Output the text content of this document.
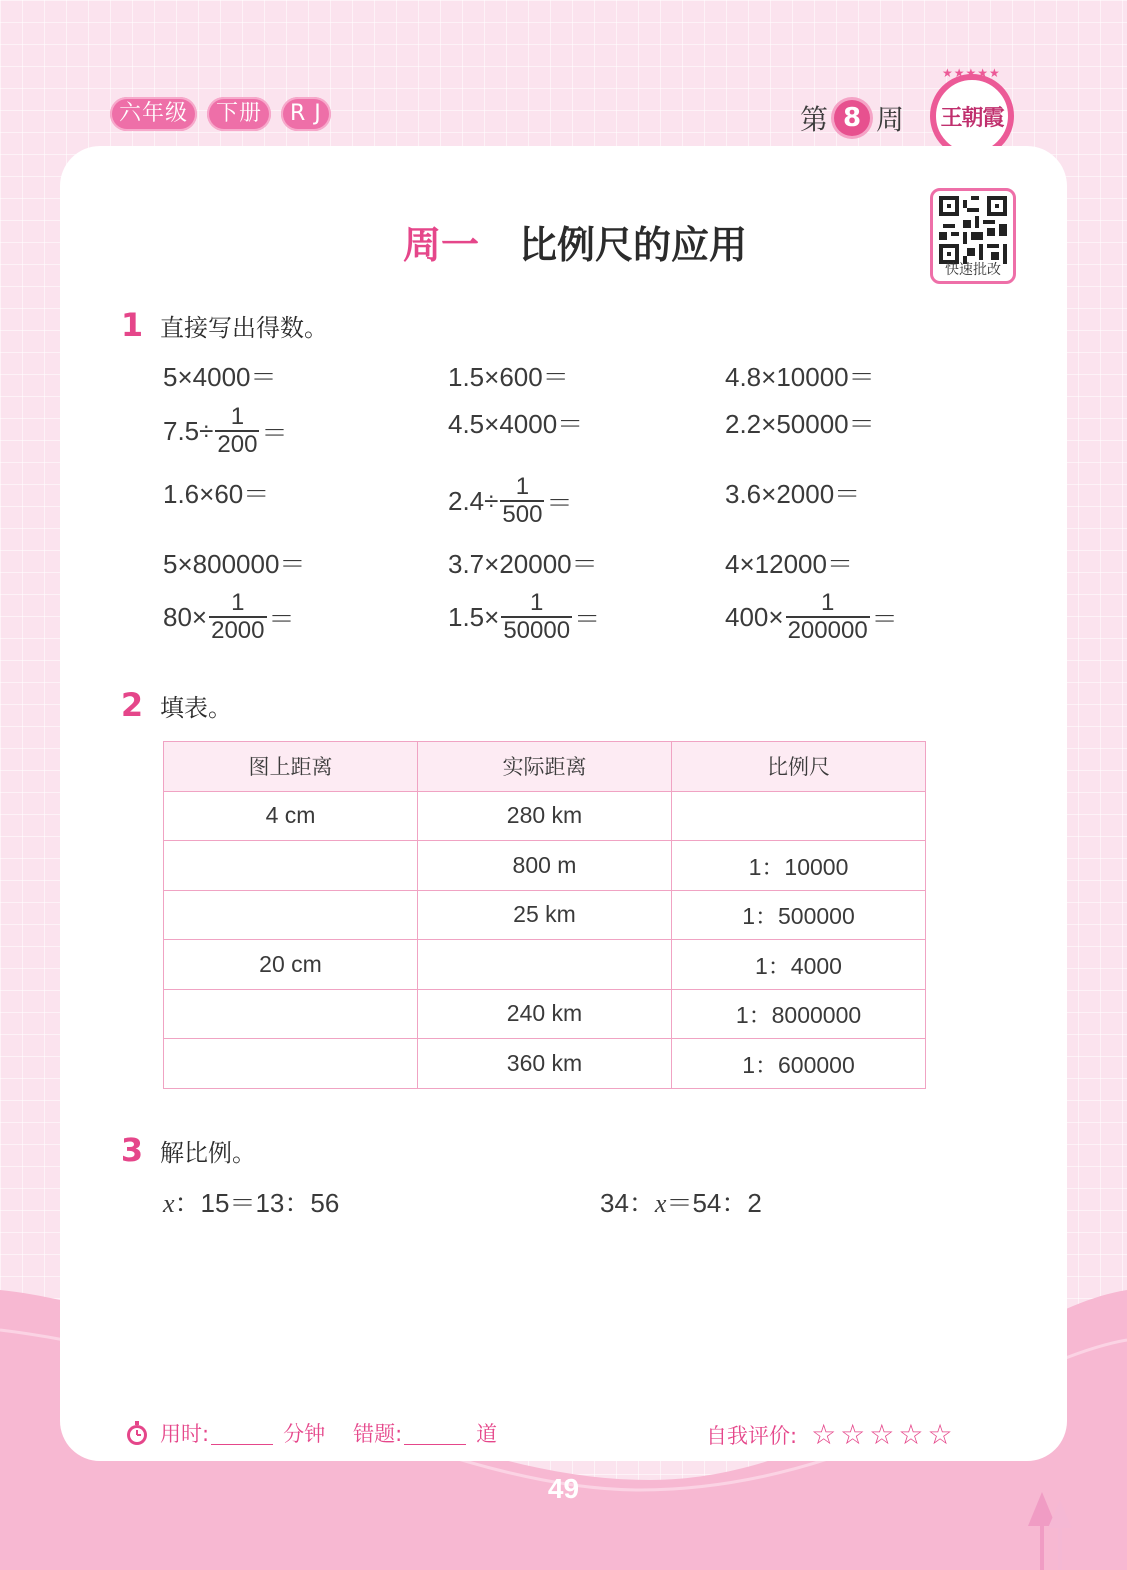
六年级	下册	R J	第 8 周
★★★★★
王朝霞
快速批改
周一 比例尺的应用
1 直接写出得数。
5×4000＝	1.5×600＝	4.8×10000＝
$7.5\div \frac{1}{200}$ ＝	4.5×4000＝	2.2×50000＝
1.6×60＝	$2.4\div \frac{1}{500}$ ＝	3.6×2000＝
5×800000＝	3.7×20000＝	4×12000＝
$80\times \frac{1}{2000}$ ＝	$1.5\times \frac{1}{50000}$ ＝	$400\times \frac{1}{200000}$ ＝
2 填表。
图上距离	实际距离	比例尺
4 cm	280 km	
	800 m	1：10000
	25 km	1：500000
20 cm		1：4000
	240 km	1：8000000
	360 km	1：600000
3 解比例。
x：15＝13：56	34：x＝54：2
用时:	分钟 错题:	道	自我评价: ☆☆☆☆☆
49
